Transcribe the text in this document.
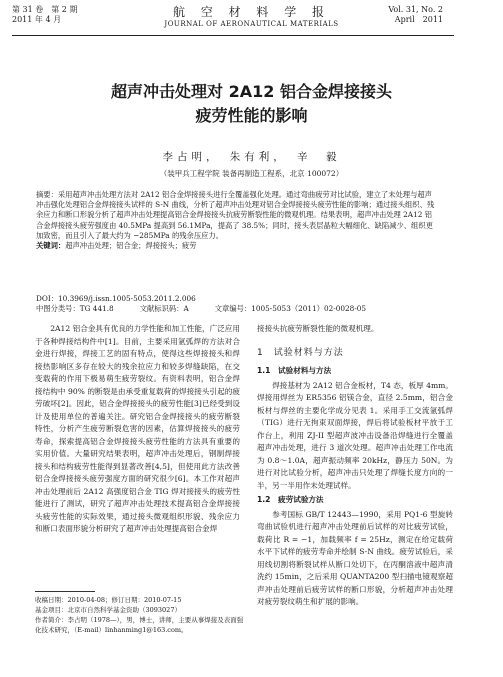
第 31 卷　第 2 期
2011 年 4 月
航 空 材 料 学 报
JOURNAL OF AERONAUTICAL MATERIALS
Vol. 31, No. 2
April　2011
超声冲击处理对 2A12 铝合金焊接接头
疲劳性能的影响
李占明，　朱有利，　辛　毅
（装甲兵工程学院 装备再制造工程系，北京 100072）
摘要：采用超声冲击处理方法对 2A12 铝合金焊接接头进行全覆盖强化处理。通过弯曲疲劳对比试验，建立了未处理与超声冲击强化处理铝合金焊接接头试样的 S-N 曲线，分析了超声冲击处理对铝合金焊接接头疲劳性能的影响；通过接头组织、残余应力和断口形貌分析了超声冲击处理提高铝合金焊接接头抗疲劳断裂性能的微观机理。结果表明，超声冲击处理 2A12 铝合金焊接接头疲劳强度由 40.5MPa 提高到 56.1MPa，提高了 38.5%；同时，接头表层晶粒大幅细化、缺陷减少、组织更加致密，而且引入了最大约为 −285MPa 的残余压应力。
关键词：超声冲击处理；铝合金；焊接接头；疲劳
DOI：10.3969/j.issn.1005-5053.2011.2.006
中图分类号：TG 441.8	文献标识码：A	文章编号：1005-5053（2011）02-0028-05

2A12 铝合金具有优良的力学性能和加工性能，广泛应用于各种焊接结构件中[1]。目前，主要采用氩弧焊的方法对合金进行焊接，焊接工艺的固有特点，使得这些焊接接头和焊接热影响区多存在较大的残余拉应力和较多焊缝缺陷，在交变载荷的作用下极易萌生疲劳裂纹。有资料表明，铝合金焊接结构中 90% 的断裂是由承受重复载荷的焊接接头引起的疲劳破坏[2]。因此，铝合金焊接接头的疲劳性能[3]已经受到设计及使用单位的普遍关注。研究铝合金焊接接头的疲劳断裂特性，分析产生疲劳断裂危害的因素，估算焊接接头的疲劳寿命，探索提高铝合金焊接接头疲劳性能的方法具有重要的实用价值。大量研究结果表明，超声冲击处理后，钢制焊接接头和结构疲劳性能得到显著改善[4,5]，但使用此方法改善铝合金焊接接头疲劳强度方面的研究很少[6]。本工作对超声冲击处理前后 2A12 高强度铝合金 TIG 焊对接接头的疲劳性能进行了测试，研究了超声冲击处理技术提高铝合金焊接接头疲劳性能的实际效果，通过接头微观组织形貌、残余应力和断口表面形貌分析研究了超声冲击处理提高铝合金焊

接接头抗疲劳断裂性能的微观机理。
1　试验材料与方法
1.1　试验材料与方法

焊接基材为 2A12 铝合金板材，T4 态，板厚 4mm。焊接用焊丝为 ER5356 铝镁合金，直径 2.5mm，铝合金板材与焊丝的主要化学成分见表 1。采用手工交流氩弧焊（TIG）进行无拘束双面焊接，焊后将试验板材平放于工作台上，利用 ZJ-II 型超声波冲击设备沿焊缝进行全覆盖超声冲击处理，进行 3 道次处理。超声冲击处理工作电流为 0.8～1.0A，超声振动频率 20kHz，静压力 50N。为进行对比试验分析，超声冲击只处理了焊缝长度方向的一半，另一半用作未处理试样。

1.2　疲劳试验方法

参考国标 GB/T 12443—1990，采用 PQ1-6 型旋转弯曲试验机进行超声冲击处理前后试样的对比疲劳试验，载荷比 R = −1，加载频率 f = 25Hz，测定在给定载荷水平下试样的疲劳寿命并绘制 S-N 曲线。疲劳试验后，采用线切割将断裂试样从断口处切下，在丙酮溶液中超声清洗约 15min，之后采用 QUANTA200 型扫描电镜观察超声冲击处理前后疲劳试样的断口形貌，分析超声冲击处理对疲劳裂纹萌生和扩展的影响。

收稿日期：2010-04-08；修订日期：2010-07-15
基金项目：北京市自然科学基金资助（3093027）
作者简介：李占明（1978—），男，博士，讲师，主要从事焊接及表面强化技术研究，（E-mail）linhanming1@163.com。
